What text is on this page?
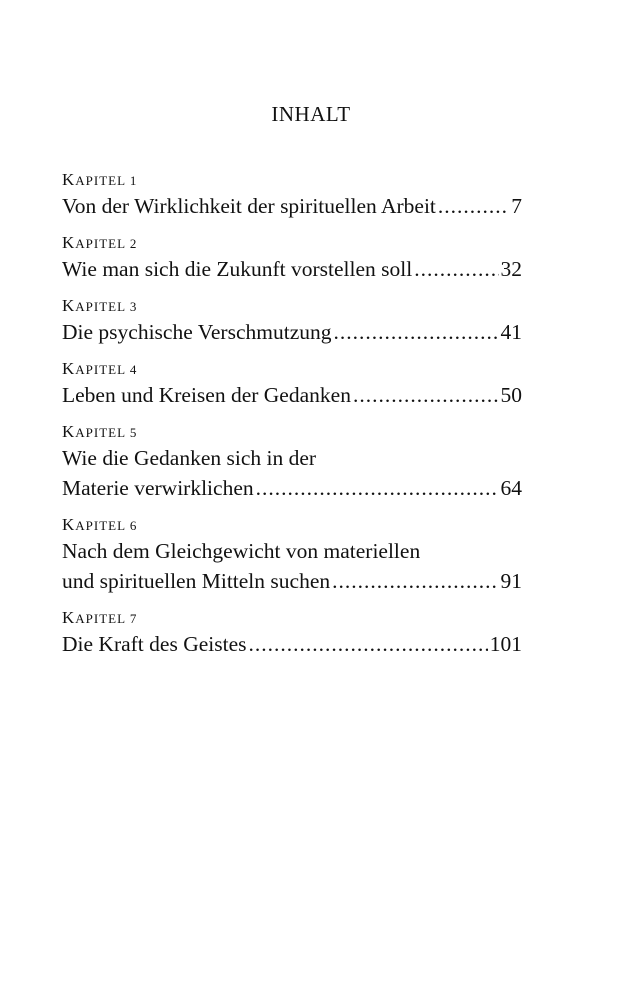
INHALT
KAPITEL 1
Von der Wirklichkeit der spirituellen Arbeit .....	7
KAPITEL 2
Wie man sich die Zukunft vorstellen soll .....	32
KAPITEL 3
Die psychische Verschmutzung .....	41
KAPITEL 4
Leben und Kreisen der Gedanken .....	50
KAPITEL 5
Wie die Gedanken sich in der
Materie verwirklichen .....	64
KAPITEL 6
Nach dem Gleichgewicht von materiellen
und spirituellen Mitteln suchen .....	91
KAPITEL 7
Die Kraft des Geistes .....	101
